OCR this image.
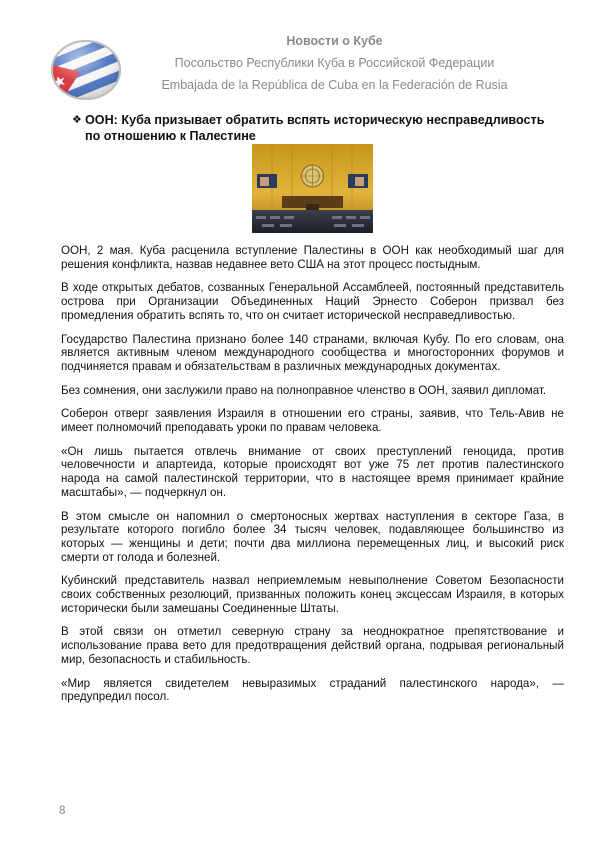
Новости о Кубе
Посольство Республики Куба в Российской Федерации
Embajada de la República de Cuba en la Federación de Rusia
❖ ООН: Куба призывает обратить вспять историческую несправедливость
по отношению к Палестине

ООН, 2 мая. Куба расценила вступление Палестины в ООН как необходимый шаг для решения конфликта, назвав недавнее вето США на этот процесс постыдным.

В ходе открытых дебатов, созванных Генеральной Ассамблеей, постоянный представитель острова при Организации Объединенных Наций Эрнесто Соберон призвал без промедления обратить вспять то, что он считает исторической несправедливостью.

Государство Палестина признано более 140 странами, включая Кубу. По его словам, она является активным членом международного сообщества и многосторонних форумов и подчиняется правам и обязательствам в различных международных документах.

Без сомнения, они заслужили право на полноправное членство в ООН, заявил дипломат.

Соберон отверг заявления Израиля в отношении его страны, заявив, что Тель-Авив не имеет полномочий преподавать уроки по правам человека.

«Он лишь пытается отвлечь внимание от своих преступлений геноцида, против человечности и апартеида, которые происходят вот уже 75 лет против палестинского народа на самой палестинской территории, что в настоящее время принимает крайние масштабы», — подчеркнул он.

В этом смысле он напомнил о смертоносных жертвах наступления в секторе Газа, в результате которого погибло более 34 тысяч человек, подавляющее большинство из которых — женщины и дети; почти два миллиона перемещенных лиц, и высокий риск смерти от голода и болезней.

Кубинский представитель назвал неприемлемым невыполнение Советом Безопасности своих собственных резолюций, призванных положить конец эксцессам Израиля, в которых исторически были замешаны Соединенные Штаты.

В этой связи он отметил северную страну за неоднократное препятствование и использование права вето для предотвращения действий органа, подрывая региональный мир, безопасность и стабильность.

«Мир является свидетелем невыразимых страданий палестинского народа», — предупредил посол.

8
